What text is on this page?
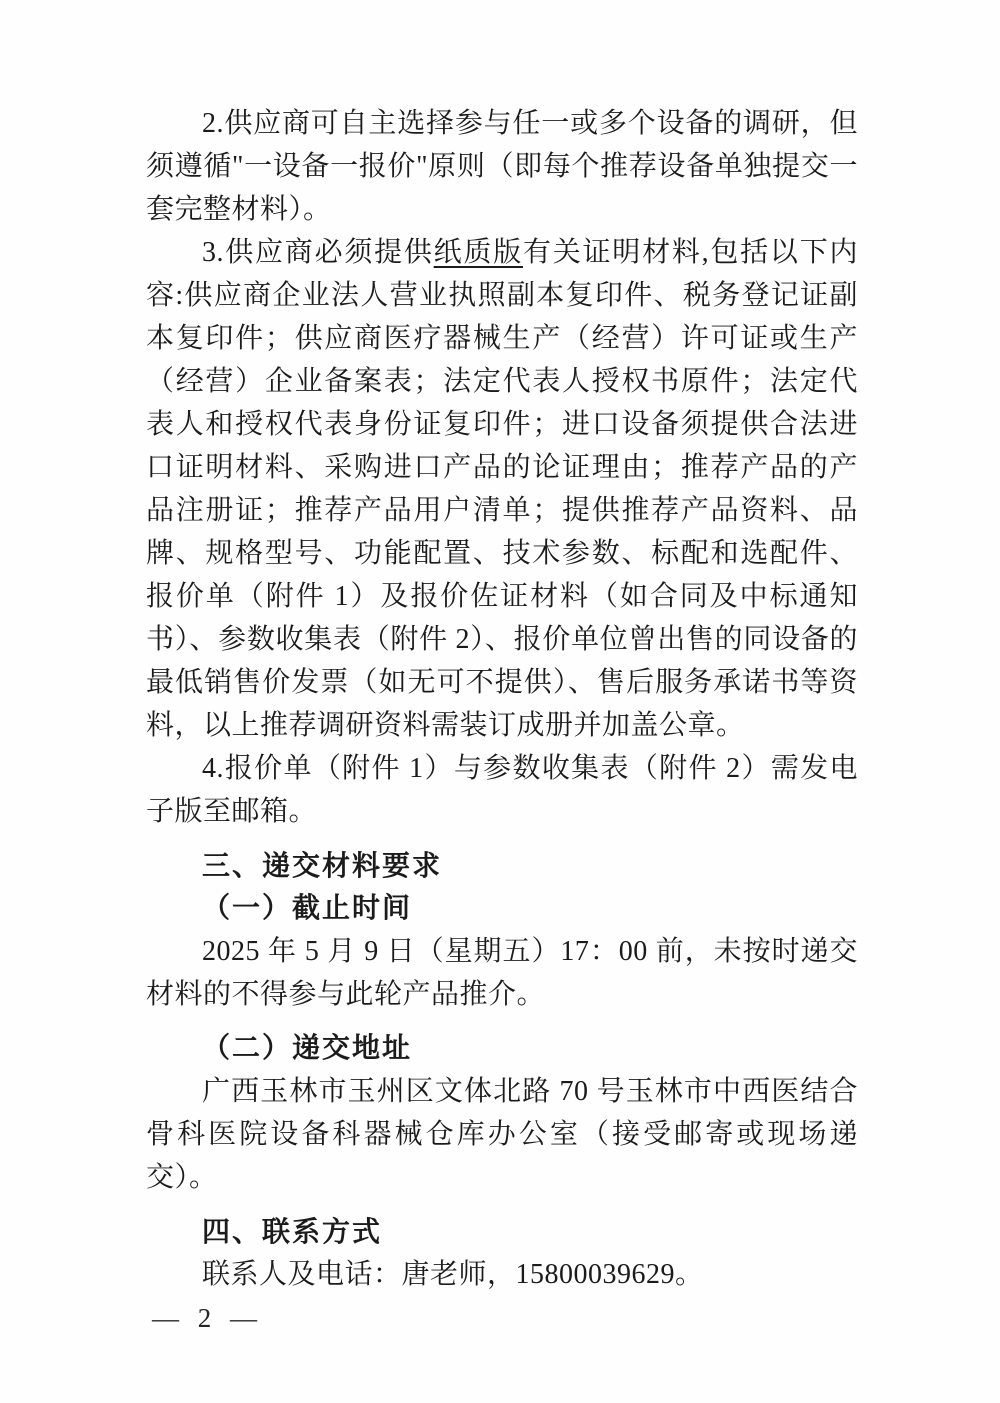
2.供应商可自主选择参与任一或多个设备的调研，但须遵循"一设备一报价"原则（即每个推荐设备单独提交一套完整材料）。

3.供应商必须提供纸质版有关证明材料,包括以下内容:供应商企业法人营业执照副本复印件、税务登记证副本复印件；供应商医疗器械生产（经营）许可证或生产（经营）企业备案表；法定代表人授权书原件；法定代表人和授权代表身份证复印件；进口设备须提供合法进口证明材料、采购进口产品的论证理由；推荐产品的产品注册证；推荐产品用户清单；提供推荐产品资料、品牌、规格型号、功能配置、技术参数、标配和选配件、报价单（附件 1）及报价佐证材料（如合同及中标通知书）、参数收集表（附件 2）、报价单位曾出售的同设备的最低销售价发票（如无可不提供）、售后服务承诺书等资料，以上推荐调研资料需装订成册并加盖公章。

4.报价单（附件 1）与参数收集表（附件 2）需发电子版至邮箱。

三、递交材料要求
（一）截止时间

2025 年 5 月 9 日（星期五）17：00 前，未按时递交材料的不得参与此轮产品推介。

（二）递交地址

广西玉林市玉州区文体北路 70 号玉林市中西医结合骨科医院设备科器械仓库办公室（接受邮寄或现场递交）。

四、联系方式

联系人及电话：唐老师，15800039629。

— 2 —
